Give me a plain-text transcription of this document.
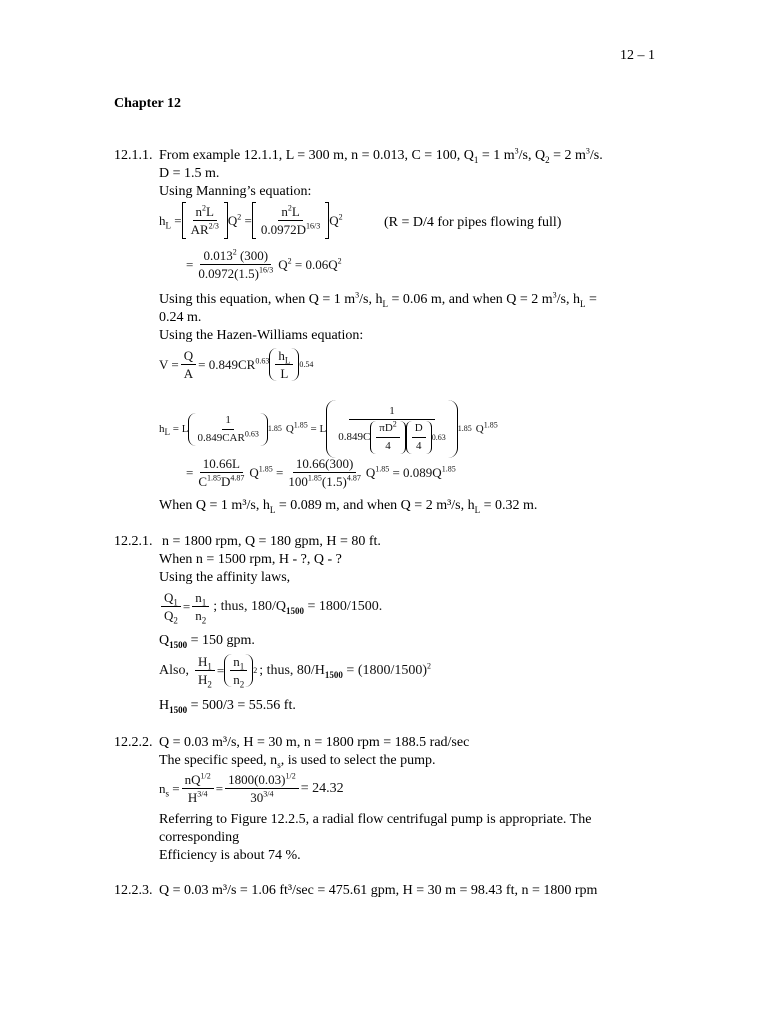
12 – 1
Chapter 12
12.1.1. From example 12.1.1, L = 300 m, n = 0.013, C = 100, $Q_1 = 1$ $m^3/s$, $Q_2 = 2$ $m^3/s$.
D = 1.5 m.
Using Manning’s equation:
$h_L = \frac{n^2L}{AR^{2/3}} Q^2 = \frac{n^2L}{0.0972D^{16/3}} Q^2$	(R = D/4 for pipes flowing full)
= $\frac{0.013^2 (300)}{0.0972(1.5)^{16/3}} Q^2 = 0.06Q^2$
Using this equation, when Q = 1 $m^3/s$, $h_L = 0.06$ m, and when Q = 2 $m^3/s$, $h_L$ =
0.24 m.
Using the Hazen-Williams equation:
$V = \frac{Q}{A} = 0.849CR^{0.63} \frac{h_L}{L} 0.54$
$h_L = L \frac{1}{0.849CAR^{0.63}} 1.85$ $Q^{1.85} = L \frac{1}{0.849C \frac{\pi D^2}{4} \frac{D}{4} 0.63} 1.85$ $Q^{1.85}$
= $\frac{10.66L}{C^{1.85}D^{4.87}} Q^{1.85} = \frac{10.66(300)}{100^{1.85}(1.5)^{4.87}} Q^{1.85} = 0.089Q^{1.85}$
When Q = 1 m³/s, $h_L = 0.089$ m, and when Q = 2 m³/s, $h_L = 0.32$ m.
12.2.1. n = 1800 rpm, Q = 180 gpm, H = 80 ft.
When n = 1500 rpm, H - ?, Q - ?
Using the affinity laws,
$\frac{Q_1}{Q_2} = \frac{n_1}{n_2}$ ; thus, $180/Q_{1500} = 1800/1500$.
$Q_{1500} = 150$ gpm.
Also, $\frac{H_1}{H_2} = \frac{n_1}{n_2} 2$ ; thus, $80/H_{1500} = (1800/1500)^2$
$H_{1500} = 500/3 = 55.56$ ft.
12.2.2. Q = 0.03 m³/s, H = 30 m, n = 1800 rpm = 188.5 rad/sec
The specific speed, $n_s$, is used to select the pump.
$n_s = \frac{nQ^{1/2}}{H^{3/4}} = \frac{1800(0.03)^{1/2}}{30^{3/4}} = 24.32$
Referring to Figure 12.2.5, a radial flow centrifugal pump is appropriate. The
corresponding
Efficiency is about 74 %.
12.2.3. Q = 0.03 m³/s = 1.06 ft³/sec = 475.61 gpm, H = 30 m = 98.43 ft, n = 1800 rpm
